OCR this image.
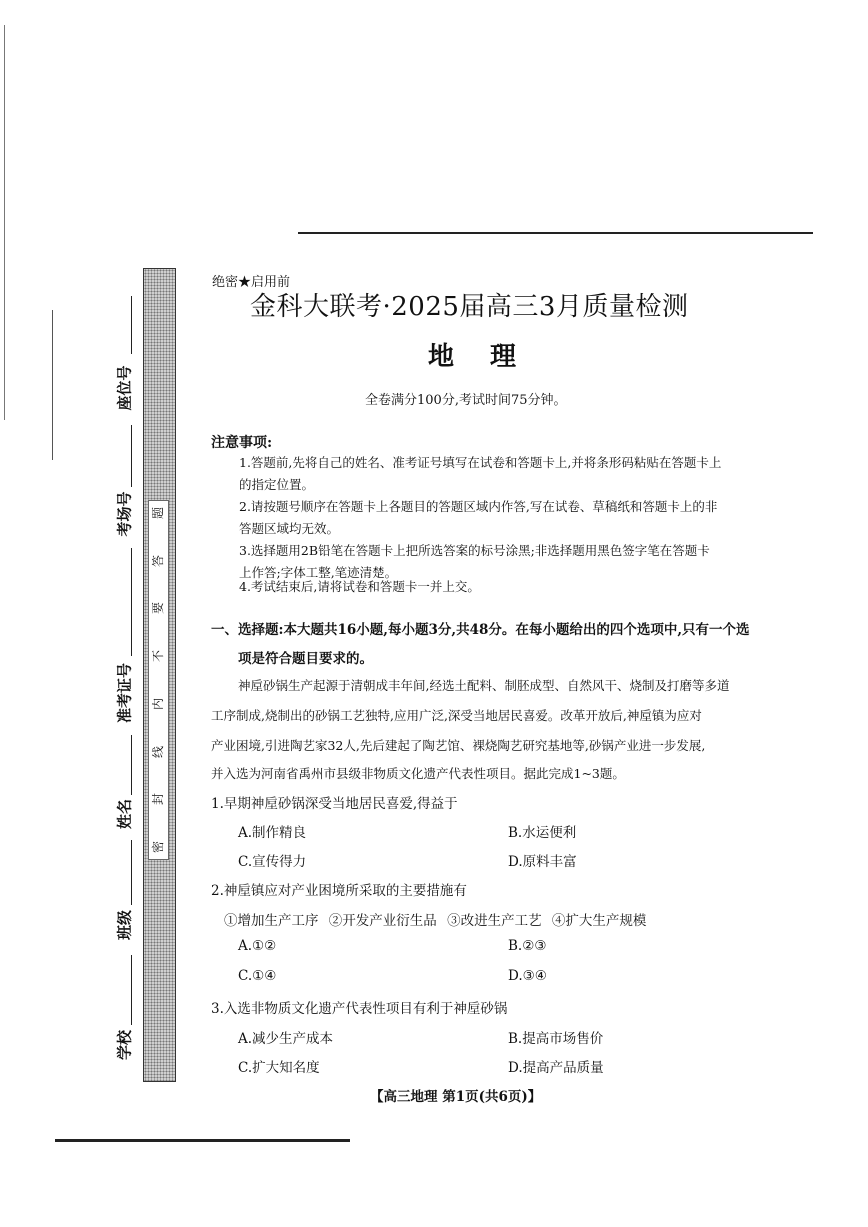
题
答
要
不
内
线
封
密
座位号
考场号
准考证号
姓名
班级
学校
绝密★启用前
金科大联考·2025届高三3月质量检测
地理
全卷满分100分,考试时间75分钟。
注意事项:
1.答题前,先将自己的姓名、准考证号填写在试卷和答题卡上,并将条形码粘贴在答题卡上
的指定位置。
2.请按题号顺序在答题卡上各题目的答题区域内作答,写在试卷、草稿纸和答题卡上的非
答题区域均无效。
3.选择题用2B铅笔在答题卡上把所选答案的标号涂黑;非选择题用黑色签字笔在答题卡
上作答;字体工整,笔迹清楚。
4.考试结束后,请将试卷和答题卡一并上交。
一、选择题:本大题共16小题,每小题3分,共48分。在每小题给出的四个选项中,只有一个选
项是符合题目要求的。
神垕砂锅生产起源于清朝成丰年间,经选土配料、制胚成型、自然风干、烧制及打磨等多道
工序制成,烧制出的砂锅工艺独特,应用广泛,深受当地居民喜爱。改革开放后,神垕镇为应对
产业困境,引进陶艺家32人,先后建起了陶艺馆、裸烧陶艺研究基地等,砂锅产业进一步发展,
并入选为河南省禹州市县级非物质文化遗产代表性项目。据此完成1~3题。
1.早期神垕砂锅深受当地居民喜爱,得益于
A.制作精良	B.水运便利
C.宣传得力	D.原料丰富
2.神垕镇应对产业困境所采取的主要措施有
①增加生产工序 ②开发产业衍生品 ③改进生产工艺 ④扩大生产规模
A.①②	B.②③
C.①④	D.③④
3.入选非物质文化遗产代表性项目有利于神垕砂锅
A.减少生产成本	B.提高市场售价
C.扩大知名度	D.提高产品质量
【高三地理 第1页(共6页)】
